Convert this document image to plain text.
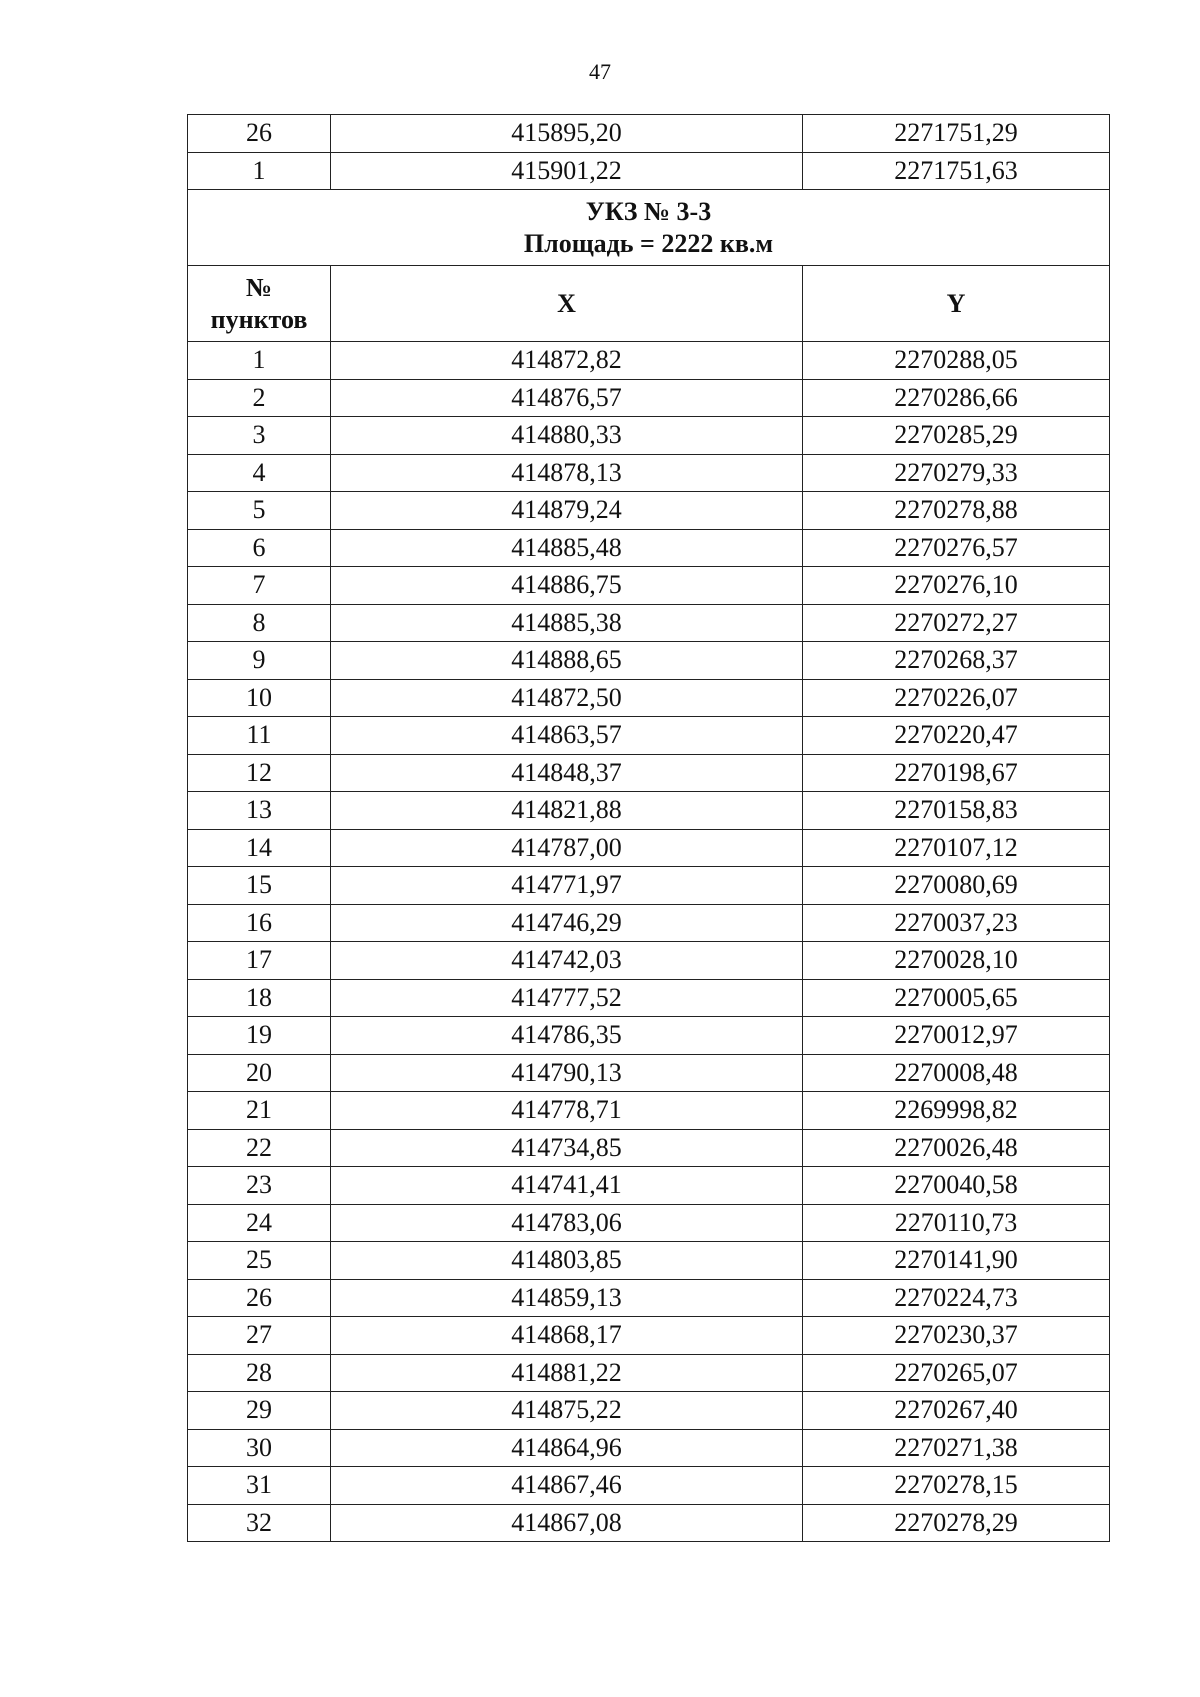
47
26	415895,20	2271751,29
1	415901,22	2271751,63

УКЗ № 3-3
Площадь = 2222 кв.м		

№
пунктов	X	Y
1	414872,82	2270288,05
2	414876,57	2270286,66
3	414880,33	2270285,29
4	414878,13	2270279,33
5	414879,24	2270278,88
6	414885,48	2270276,57
7	414886,75	2270276,10
8	414885,38	2270272,27
9	414888,65	2270268,37
10	414872,50	2270226,07
11	414863,57	2270220,47
12	414848,37	2270198,67
13	414821,88	2270158,83
14	414787,00	2270107,12
15	414771,97	2270080,69
16	414746,29	2270037,23
17	414742,03	2270028,10
18	414777,52	2270005,65
19	414786,35	2270012,97
20	414790,13	2270008,48
21	414778,71	2269998,82
22	414734,85	2270026,48
23	414741,41	2270040,58
24	414783,06	2270110,73
25	414803,85	2270141,90
26	414859,13	2270224,73
27	414868,17	2270230,37
28	414881,22	2270265,07
29	414875,22	2270267,40
30	414864,96	2270271,38
31	414867,46	2270278,15
32	414867,08	2270278,29
